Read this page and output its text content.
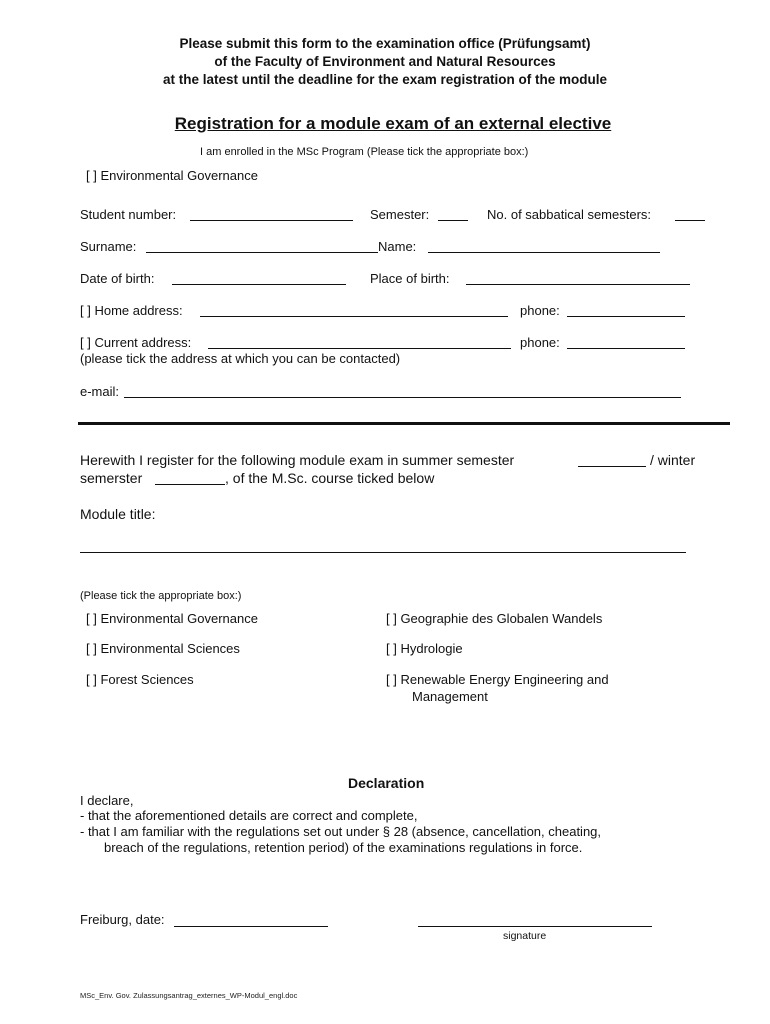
Please submit this form to the examination office (Prüfungsamt)
of the Faculty of Environment and Natural Resources
at the latest until the deadline for the exam registration of the module
Registration for a module exam of an external elective
I am enrolled in the MSc Program (Please tick the appropriate box:)
[ ] Environmental Governance
Student number:	Semester:	No. of sabbatical semesters:
Surname:	Name:
Date of birth:	Place of birth:
[ ] Home address:	phone:
[ ] Current address:	phone:
(please tick the address at which you can be contacted)
e-mail:
Herewith I register for the following module exam in summer semester	/ winter
semerster	, of the M.Sc. course ticked below
Module title:
(Please tick the appropriate box:)
[ ] Environmental Governance
[ ] Environmental Sciences
[ ] Forest Sciences
[ ] Geographie des Globalen Wandels
[ ] Hydrologie
[ ] Renewable Energy Engineering and
Management
Declaration
I declare,
- that the aforementioned details are correct and complete,
- that I am familiar with the regulations set out under § 28 (absence, cancellation, cheating,
breach of the regulations, retention period) of the examinations regulations in force.
Freiburg, date:
signature
MSc_Env. Gov. Zulassungsantrag_externes_WP-Modul_engl.doc
